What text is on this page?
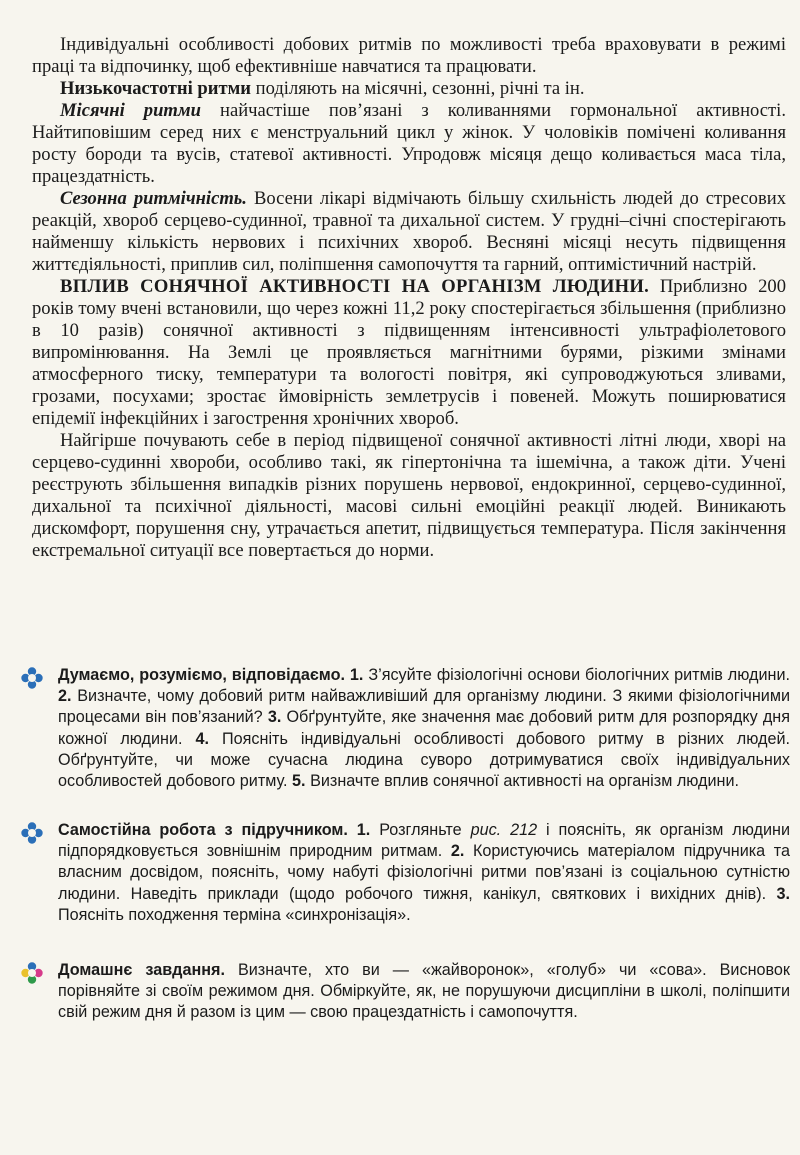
Індивідуальні особливості добових ритмів по можливості треба враховувати в режимі праці та відпочинку, щоб ефективніше навчатися та працювати.

Низькочастотні ритми поділяють на місячні, сезонні, річні та ін.

Місячні ритми найчастіше пов’язані з коливаннями гормональної активності. Найтиповішим серед них є менструальний цикл у жінок. У чоловіків помічені коливання росту бороди та вусів, статевої активності. Упродовж місяця дещо коливається маса тіла, працездатність.

Сезонна ритмічність. Восени лікарі відмічають більшу схильність людей до стресових реакцій, хвороб серцево-судинної, травної та дихальної систем. У грудні–січні спостерігають найменшу кількість нервових і психічних хвороб. Весняні місяці несуть підвищення життєдіяльності, приплив сил, поліпшення самопочуття та гарний, оптимістичний настрій.

ВПЛИВ СОНЯЧНОЇ АКТИВНОСТІ НА ОРГАНІЗМ ЛЮДИНИ. Приблизно 200 років тому вчені встановили, що через кожні 11,2 року спостерігається збільшення (приблизно в 10 разів) сонячної активності з підвищенням інтенсивності ультрафіолетового випромінювання. На Землі це проявляється магнітними бурями, різкими змінами атмосферного тиску, температури та вологості повітря, які супроводжуються зливами, грозами, посухами; зростає ймовірність землетрусів і повеней. Можуть поширюватися епідемії інфекційних і загострення хронічних хвороб.

Найгірше почувають себе в період підвищеної сонячної активності літні люди, хворі на серцево-судинні хвороби, особливо такі, як гіпертонічна та ішемічна, а також діти. Учені реєструють збільшення випадків різних порушень нервової, ендокринної, серцево-судинної, дихальної та психічної діяльності, масові сильні емоційні реакції людей. Виникають дискомфорт, порушення сну, утрачається апетит, підвищується температура. Після закінчення екстремальної ситуації все повертається до норми.

Думаємо, розуміємо, відповідаємо. 1. З’ясуйте фізіологічні основи біологічних ритмів людини. 2. Визначте, чому добовий ритм найважливіший для організму людини. З якими фізіологічними процесами він пов’язаний? 3. Обґрунтуйте, яке значення має добовий ритм для розпорядку дня кожної людини. 4. Поясніть індивідуальні особливості добового ритму в різних людей. Обґрунтуйте, чи може сучасна людина суворо дотримуватися своїх індивідуальних особливостей добового ритму. 5. Визначте вплив сонячної активності на організм людини.
Самостійна робота з підручником. 1. Розгляньте рис. 212 і поясніть, як організм людини підпорядковується зовнішнім природним ритмам. 2. Користуючись матеріалом підручника та власним досвідом, поясніть, чому набуті фізіологічні ритми пов’язані із соціальною сутністю людини. Наведіть приклади (щодо робочого тижня, канікул, святкових і вихідних днів). 3. Поясніть походження терміна «синхронізація».
Домашнє завдання. Визначте, хто ви — «жайворонок», «голуб» чи «сова». Висновок порівняйте зі своїм режимом дня. Обміркуйте, як, не порушуючи дисципліни в школі, поліпшити свій режим дня й разом із цим — свою працездатність і самопочуття.
